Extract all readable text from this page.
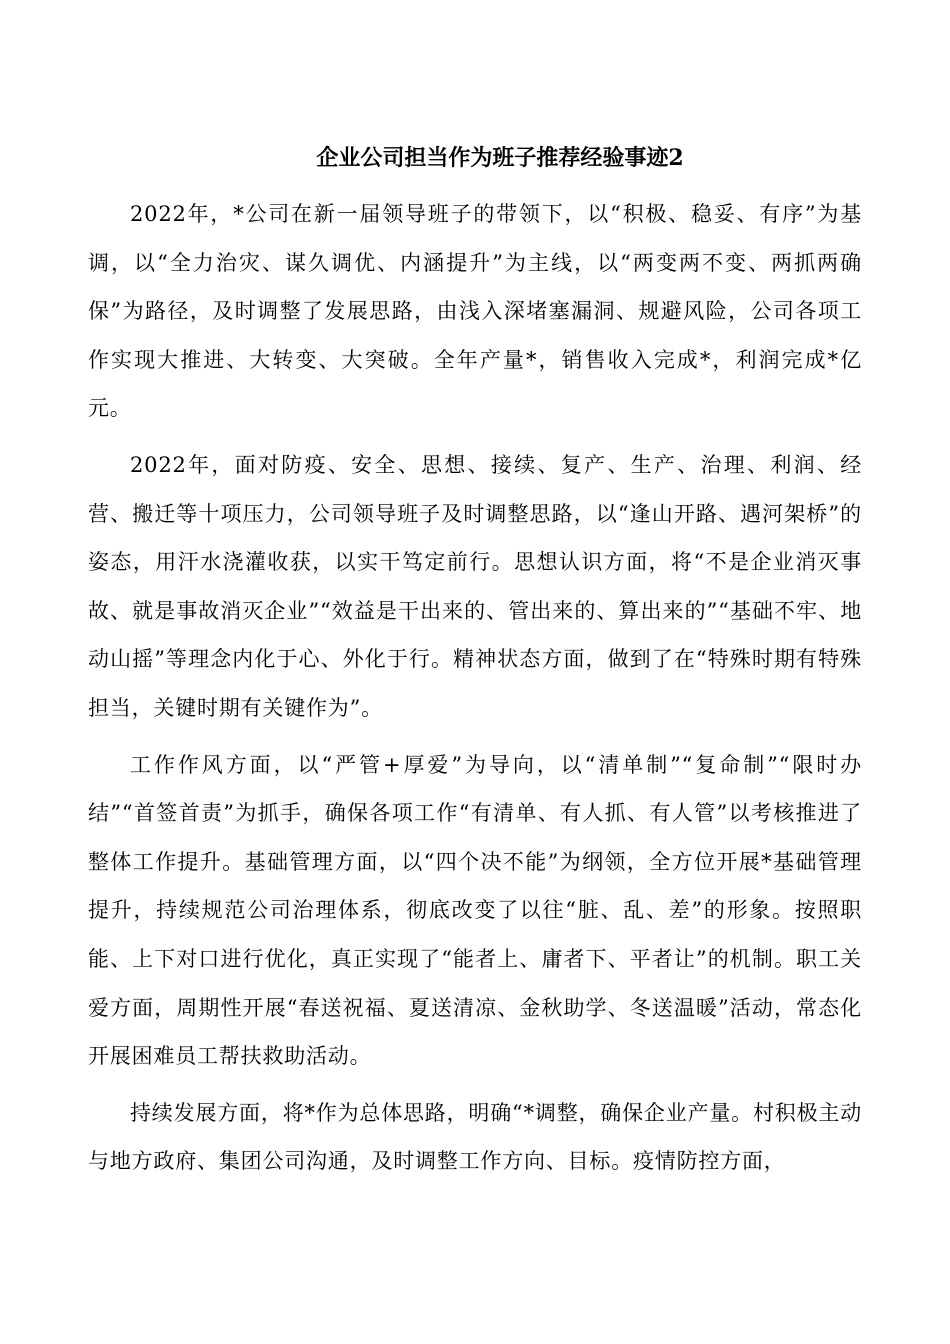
企业公司担当作为班子推荐经验事迹2

2022年，*公司在新一届领导班子的带领下，以“积极、稳妥、有序”为基调，以“全力治灾、谋久调优、内涵提升”为主线，以“两变两不变、两抓两确保”为路径，及时调整了发展思路，由浅入深堵塞漏洞、规避风险，公司各项工作实现大推进、大转变、大突破。全年产量*，销售收入完成*，利润完成*亿元。

2022年，面对防疫、安全、思想、接续、复产、生产、治理、利润、经营、搬迁等十项压力，公司领导班子及时调整思路，以“逢山开路、遇河架桥”的姿态，用汗水浇灌收获，以实干笃定前行。思想认识方面，将“不是企业消灭事故、就是事故消灭企业”“效益是干出来的、管出来的、算出来的”“基础不牢、地动山摇”等理念内化于心、外化于行。精神状态方面，做到了在“特殊时期有特殊担当，关键时期有关键作为”。

工作作风方面，以“严管+厚爱”为导向，以“清单制”“复命制”“限时办结”“首签首责”为抓手，确保各项工作“有清单、有人抓、有人管”以考核推进了整体工作提升。基础管理方面，以“四个决不能”为纲领，全方位开展*基础管理提升，持续规范公司治理体系，彻底改变了以往“脏、乱、差”的形象。按照职能、上下对口进行优化，真正实现了“能者上、庸者下、平者让”的机制。职工关爱方面，周期性开展“春送祝福、夏送清凉、金秋助学、冬送温暖”活动，常态化开展困难员工帮扶救助活动。

持续发展方面，将*作为总体思路，明确“*调整，确保企业产量。村积极主动与地方政府、集团公司沟通，及时调整工作方向、目标。疫情防控方面，
